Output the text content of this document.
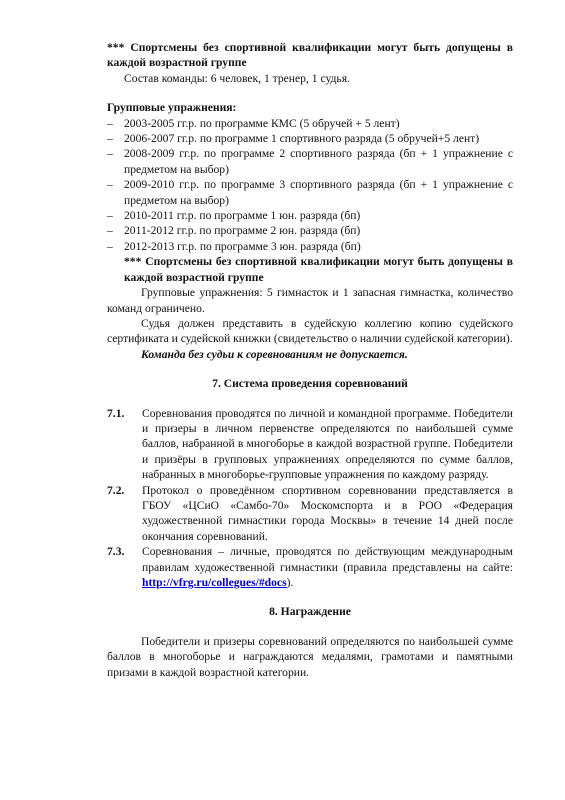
*** Спортсмены без спортивной квалификации могут быть допущены в каждой возрастной группе

Состав команды: 6 человек, 1 тренер, 1 судья.

Групповые упражнения:

– 2003-2005 гг.р. по программе КМС (5 обручей + 5 лент)
– 2006-2007 гг.р. по программе 1 спортивного разряда (5 обручей+5 лент)
– 2008-2009 гг.р. по программе 2 спортивного разряда (бп + 1 упражнение с предметом на выбор)
– 2009-2010 гг.р. по программе 3 спортивного разряда (бп + 1 упражнение с предметом на выбор)
– 2010-2011 гг.р. по программе 1 юн. разряда (бп)
– 2011-2012 гг.р. по программе 2 юн. разряда (бп)
– 2012-2013 гг.р. по программе 3 юн. разряда (бп)

*** Спортсмены без спортивной квалификации могут быть допущены в каждой возрастной группе

Групповые упражнения: 5 гимнасток и 1 запасная гимнастка, количество команд ограничено.

Судья должен представить в судейскую коллегию копию судейского сертификата и судейской книжки (свидетельство о наличии судейской категории).

Команда без судьи к соревнованиям не допускается.

7. Система проведения соревнований

7.1. Соревнования проводятся по личной и командной программе. Победители и призеры в личном первенстве определяются по наибольшей сумме баллов, набранной в многоборье в каждой возрастной группе. Победители и призёры в групповых упражнениях определяются по сумме баллов, набранных в многоборье-групповые упражнения по каждому разряду.
7.2. Протокол о проведённом спортивном соревновании представляется в ГБОУ «ЦСиО «Самбо-70» Москомспорта и в РОО «Федерация художественной гимнастики города Москвы» в течение 14 дней после окончания соревнований.
7.3. Соревнования – личные, проводятся по действующим международным правилам художественной гимнастики (правила представлены на сайте: http://vfrg.ru/collegues/#docs).

8. Награждение

Победители и призеры соревнований определяются по наибольшей сумме баллов в многоборье и награждаются медалями, грамотами и памятными призами в каждой возрастной категории.
